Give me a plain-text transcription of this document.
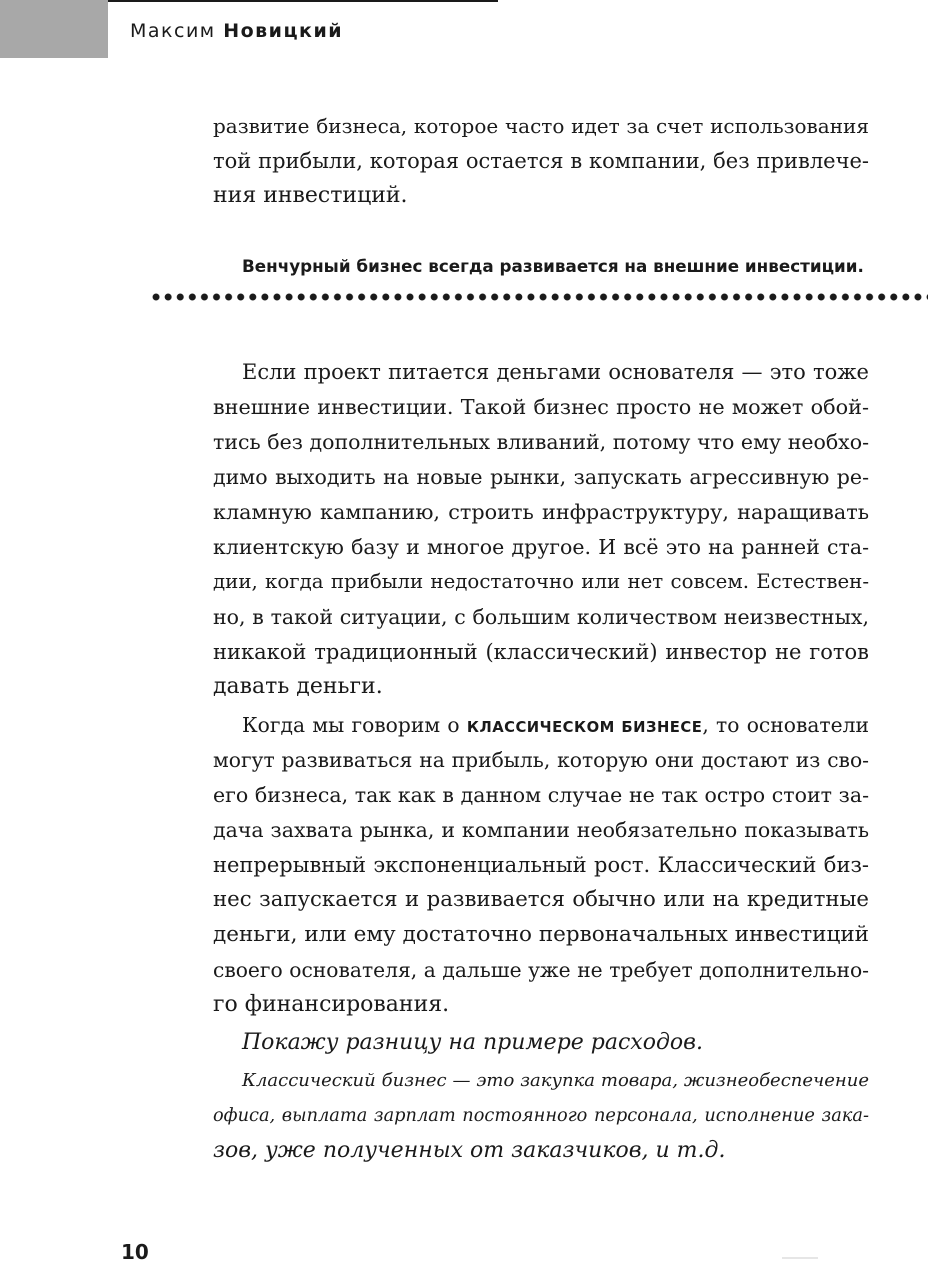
Максим Новицкий
развитие бизнеса, которое часто идет за счет использования
той прибыли, которая остается в компании, без привлече-
ния инвестиций.
Венчурный бизнес всегда развивается на внешние инвестиции.
Если проект питается деньгами основателя — это тоже
внешние инвестиции. Такой бизнес просто не может обой-
тись без дополнительных вливаний, потому что ему необхо-
димо выходить на новые рынки, запускать агрессивную ре-
кламную кампанию, строить инфраструктуру, наращивать
клиентскую базу и многое другое. И всё это на ранней ста-
дии, когда прибыли недостаточно или нет совсем. Естествен-
но, в такой ситуации, с большим количеством неизвестных,
никакой традиционный (классический) инвестор не готов
давать деньги.
Когда мы говорим о КЛАССИЧЕСКОМ БИЗНЕСЕ, то основатели
могут развиваться на прибыль, которую они достают из сво-
его бизнеса, так как в данном случае не так остро стоит за-
дача захвата рынка, и компании необязательно показывать
непрерывный экспоненциальный рост. Классический биз-
нес запускается и развивается обычно или на кредитные
деньги, или ему достаточно первоначальных инвестиций
своего основателя, а дальше уже не требует дополнительно-
го финансирования.
Покажу разницу на примере расходов.
Классический бизнес — это закупка товара, жизнеобеспечение
офиса, выплата зарплат постоянного персонала, исполнение зака-
зов, уже полученных от заказчиков, и т.д.
10
